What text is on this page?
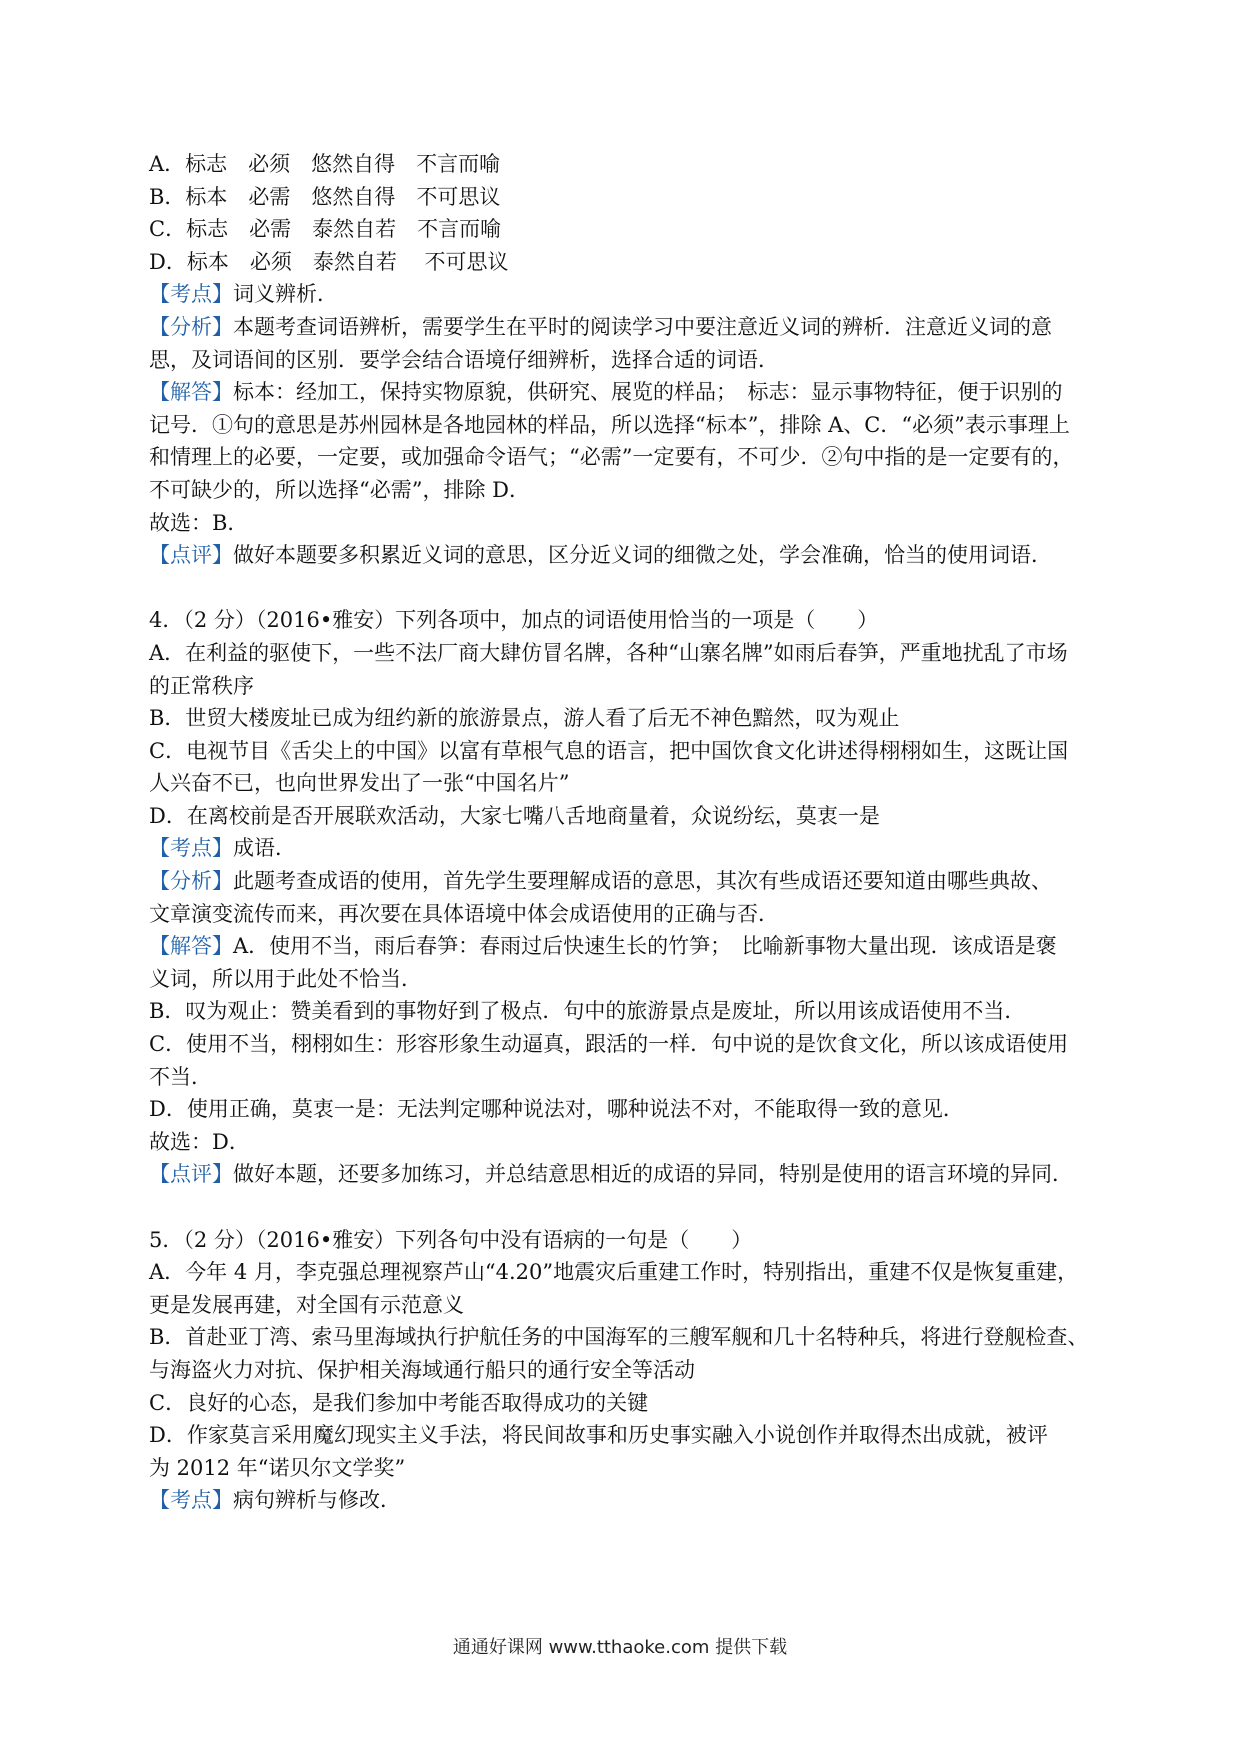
A．标志　必须　悠然自得　不言而喻
B．标本　必需　悠然自得　不可思议
C．标志　必需　泰然自若　不言而喻
D．标本　必须　泰然自若　 不可思议
【考点】词义辨析．
【分析】本题考查词语辨析，需要学生在平时的阅读学习中要注意近义词的辨析．注意近义词的意
思，及词语间的区别．要学会结合语境仔细辨析，选择合适的词语．
【解答】标本：经加工，保持实物原貌，供研究、展览的样品；　标志：显示事物特征，便于识别的
记号．①句的意思是苏州园林是各地园林的样品，所以选择“标本”，排除 A、C．“必须”表示事理上
和情理上的必要，一定要，或加强命令语气；“必需”一定要有，不可少．②句中指的是一定要有的，
不可缺少的，所以选择“必需”，排除 D．
故选：B．
【点评】做好本题要多积累近义词的意思，区分近义词的细微之处，学会准确，恰当的使用词语．
4．（2 分）（2016•雅安）下列各项中，加点的词语使用恰当的一项是（　　）
A．在利益的驱使下，一些不法厂商大肆仿冒名牌，各种“山寨名牌”如雨后春笋，严重地扰乱了市场
的正常秩序
B．世贸大楼废址已成为纽约新的旅游景点，游人看了后无不神色黯然，叹为观止
C．电视节目《舌尖上的中国》以富有草根气息的语言，把中国饮食文化讲述得栩栩如生，这既让国
人兴奋不已，也向世界发出了一张“中国名片”
D．在离校前是否开展联欢活动，大家七嘴八舌地商量着，众说纷纭，莫衷一是
【考点】成语．
【分析】此题考查成语的使用，首先学生要理解成语的意思，其次有些成语还要知道由哪些典故、
文章演变流传而来，再次要在具体语境中体会成语使用的正确与否．
【解答】A．使用不当，雨后春笋：春雨过后快速生长的竹笋；　比喻新事物大量出现．该成语是褒
义词，所以用于此处不恰当．
B．叹为观止：赞美看到的事物好到了极点．句中的旅游景点是废址，所以用该成语使用不当．
C．使用不当，栩栩如生：形容形象生动逼真，跟活的一样．句中说的是饮食文化，所以该成语使用
不当．
D．使用正确，莫衷一是：无法判定哪种说法对，哪种说法不对，不能取得一致的意见．
故选：D．
【点评】做好本题，还要多加练习，并总结意思相近的成语的异同，特别是使用的语言环境的异同．
5．（2 分）（2016•雅安）下列各句中没有语病的一句是（　　）
A．今年 4 月，李克强总理视察芦山“4.20”地震灾后重建工作时，特别指出，重建不仅是恢复重建，
更是发展再建，对全国有示范意义
B．首赴亚丁湾、索马里海域执行护航任务的中国海军的三艘军舰和几十名特种兵，将进行登舰检查、
与海盗火力对抗、保护相关海域通行船只的通行安全等活动
C．良好的心态，是我们参加中考能否取得成功的关键
D．作家莫言采用魔幻现实主义手法，将民间故事和历史事实融入小说创作并取得杰出成就，被评
为 2012 年“诺贝尔文学奖”
【考点】病句辨析与修改．
通通好课网 www.tthaoke.com 提供下载
